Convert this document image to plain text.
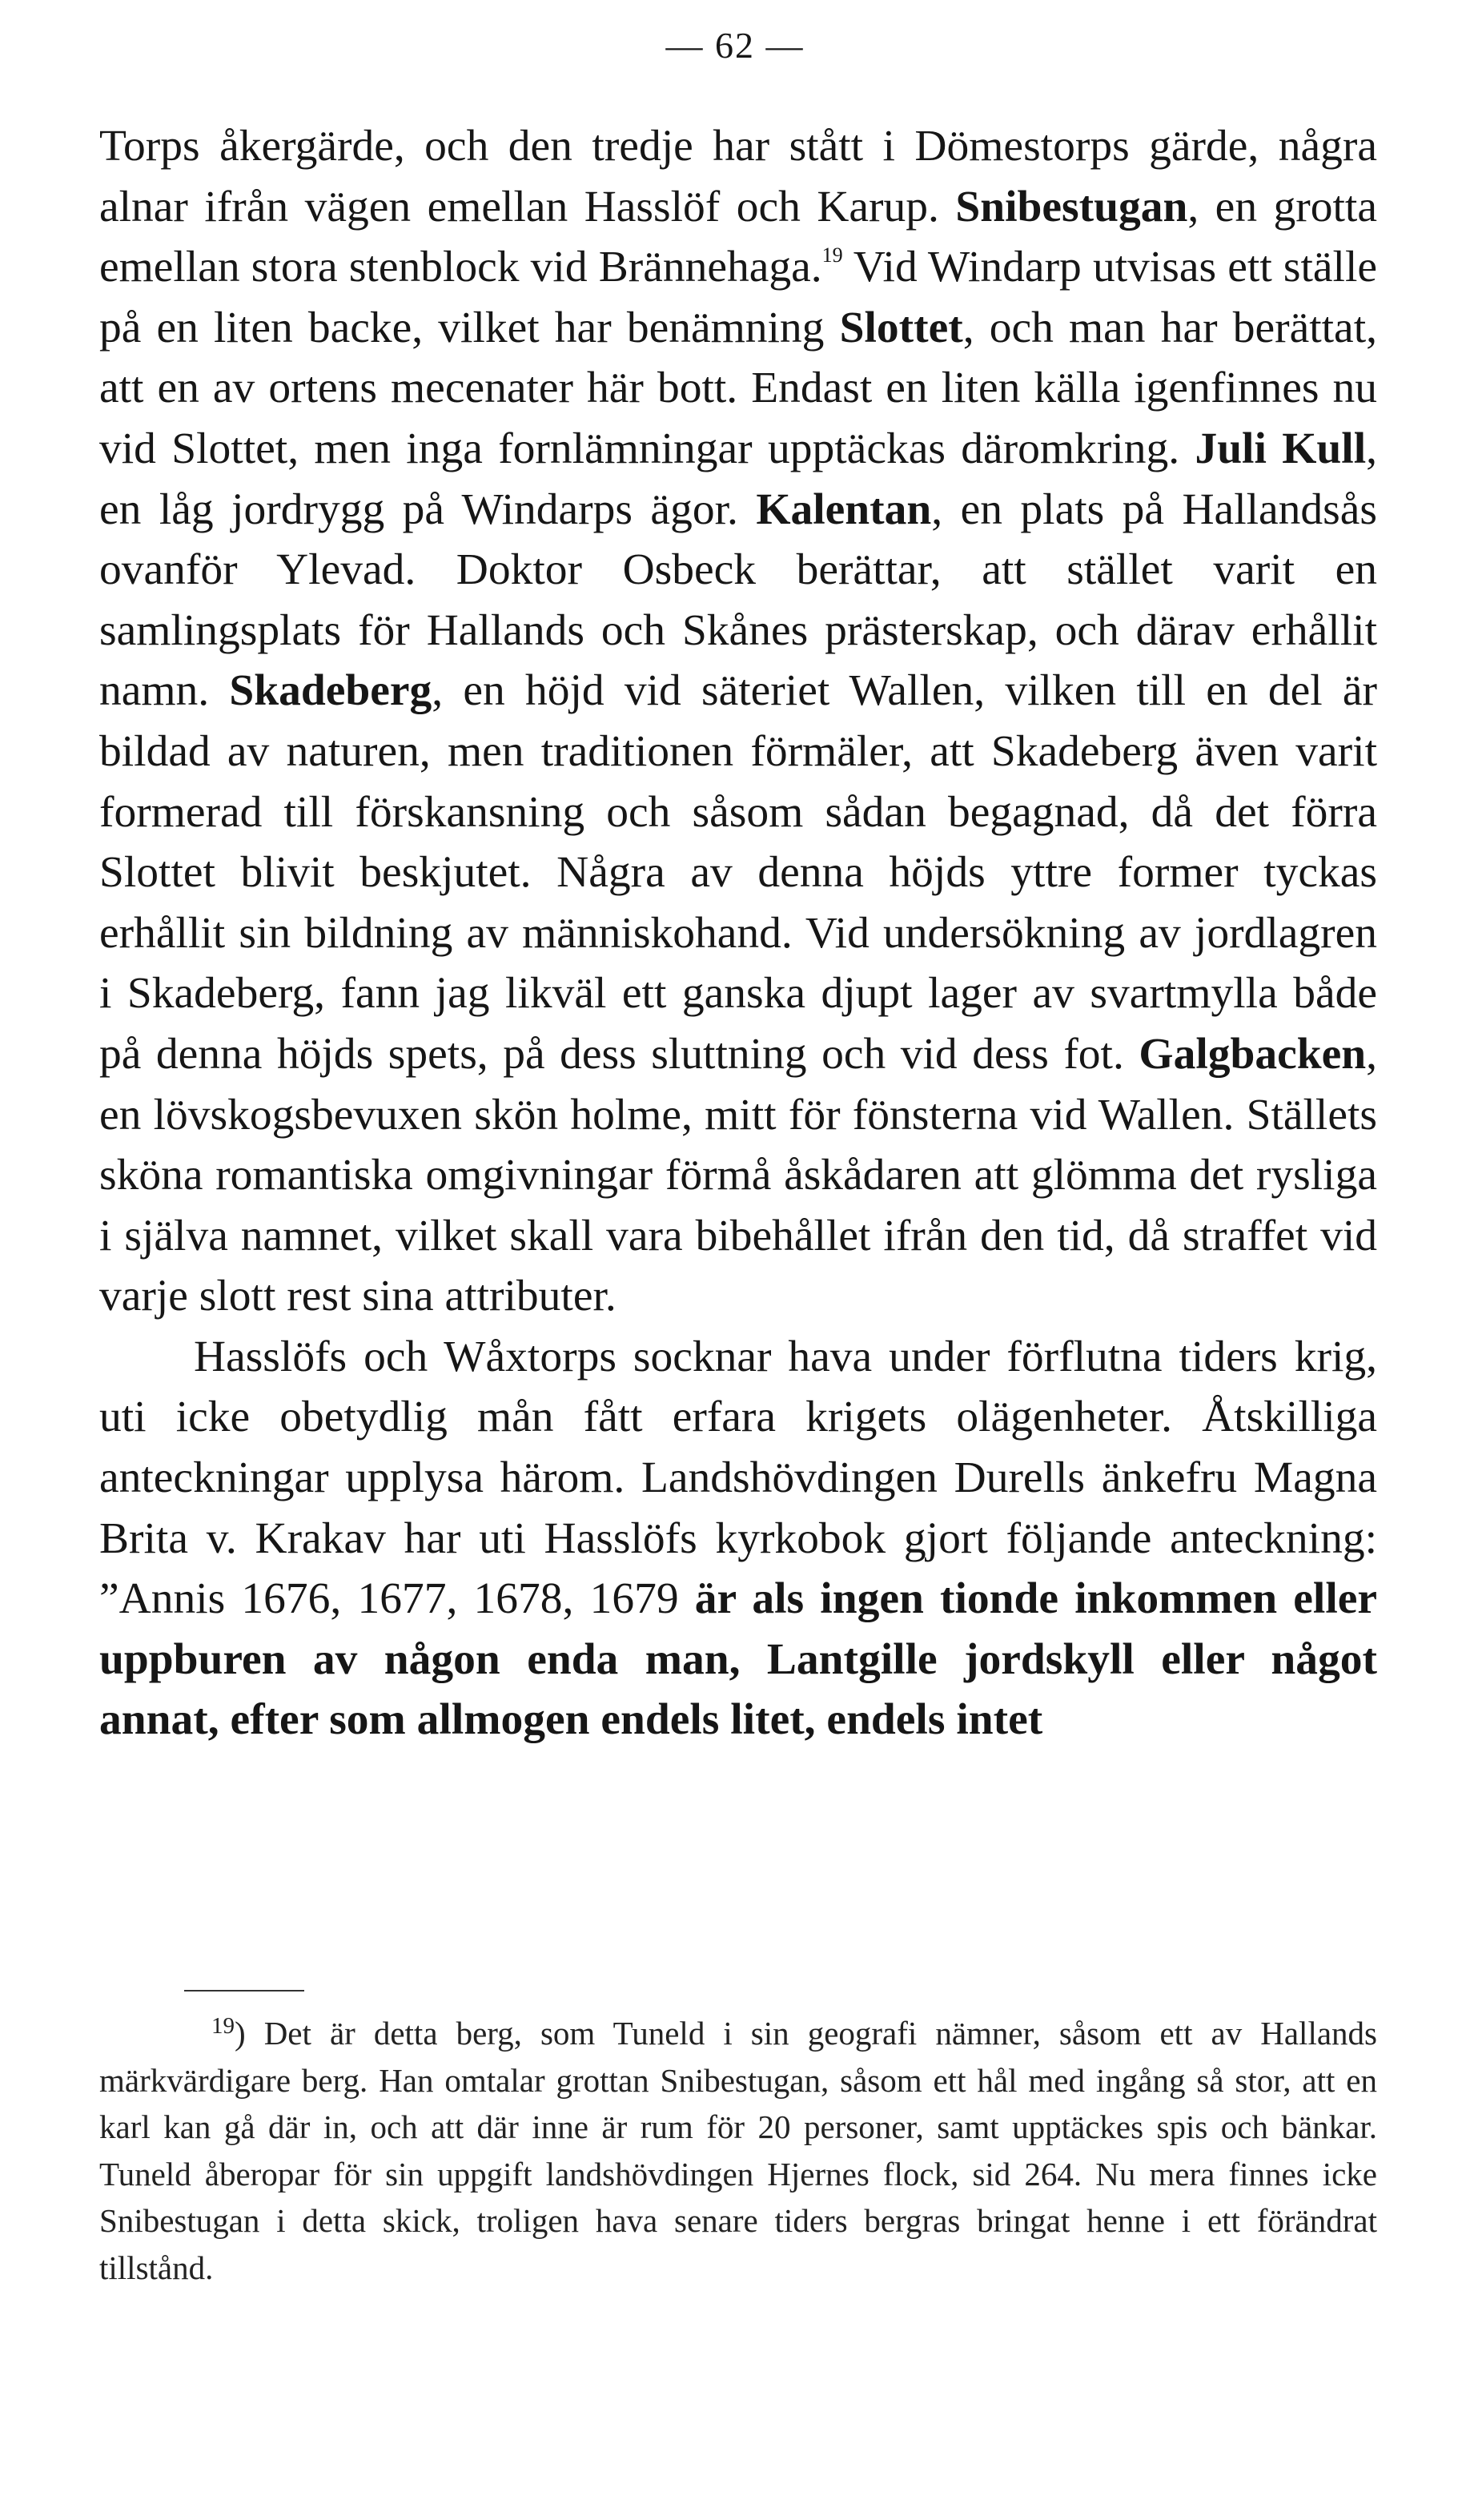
— 62 —

Torps åkergärde, och den tredje har stått i Dömestorps gärde, några alnar ifrån vägen emellan Hasslöf och Karup. Snibestugan, en grotta emellan stora stenblock vid Brännehaga.$^{19}$ Vid Windarp utvisas ett ställe på en liten backe, vilket har benämning Slottet, och man har berättat, att en av ortens mecenater här bott. Endast en liten källa igenfinnes nu vid Slottet, men inga fornlämningar upptäckas däromkring. Juli Kull, en låg jordrygg på Windarps ägor. Kalentan, en plats på Hallandsås ovanför Ylevad. Doktor Osbeck berättar, att stället varit en samlingsplats för Hallands och Skånes prästerskap, och därav erhållit namn. Skadeberg, en höjd vid säteriet Wallen, vilken till en del är bildad av naturen, men traditionen förmäler, att Skadeberg även varit formerad till förskansning och såsom sådan begagnad, då det förra Slottet blivit beskjutet. Några av denna höjds yttre former tyckas erhållit sin bildning av människohand. Vid undersökning av jordlagren i Skadeberg, fann jag likväl ett ganska djupt lager av svartmylla både på denna höjds spets, på dess sluttning och vid dess fot. Galgbacken, en lövskogsbevuxen skön holme, mitt för fönsterna vid Wallen. Ställets sköna romantiska omgivningar förmå åskådaren att glömma det rysliga i själva namnet, vilket skall vara bibehållet ifrån den tid, då straffet vid varje slott rest sina attributer.

Hasslöfs och Wåxtorps socknar hava under förflutna tiders krig, uti icke obetydlig mån fått erfara krigets olägenheter. Åtskilliga anteckningar upplysa härom. Landshövdingen Durells änkefru Magna Brita v. Krakav har uti Hasslöfs kyrkobok gjort följande anteckning: ”Annis 1676, 1677, 1678, 1679 är als ingen tionde inkommen eller uppburen av någon enda man, Lantgille jordskyll eller något annat, efter som allmogen endels litet, endels intet

$^{19}$) Det är detta berg, som Tuneld i sin geografi nämner, såsom ett av Hallands märkvärdigare berg. Han omtalar grottan Snibestugan, såsom ett hål med ingång så stor, att en karl kan gå där in, och att där inne är rum för 20 personer, samt upptäckes spis och bänkar. Tuneld åberopar för sin uppgift landshövdingen Hjernes flock, sid 264. Nu mera finnes icke Snibestugan i detta skick, troligen hava senare tiders bergras bringat henne i ett förändrat tillstånd.
